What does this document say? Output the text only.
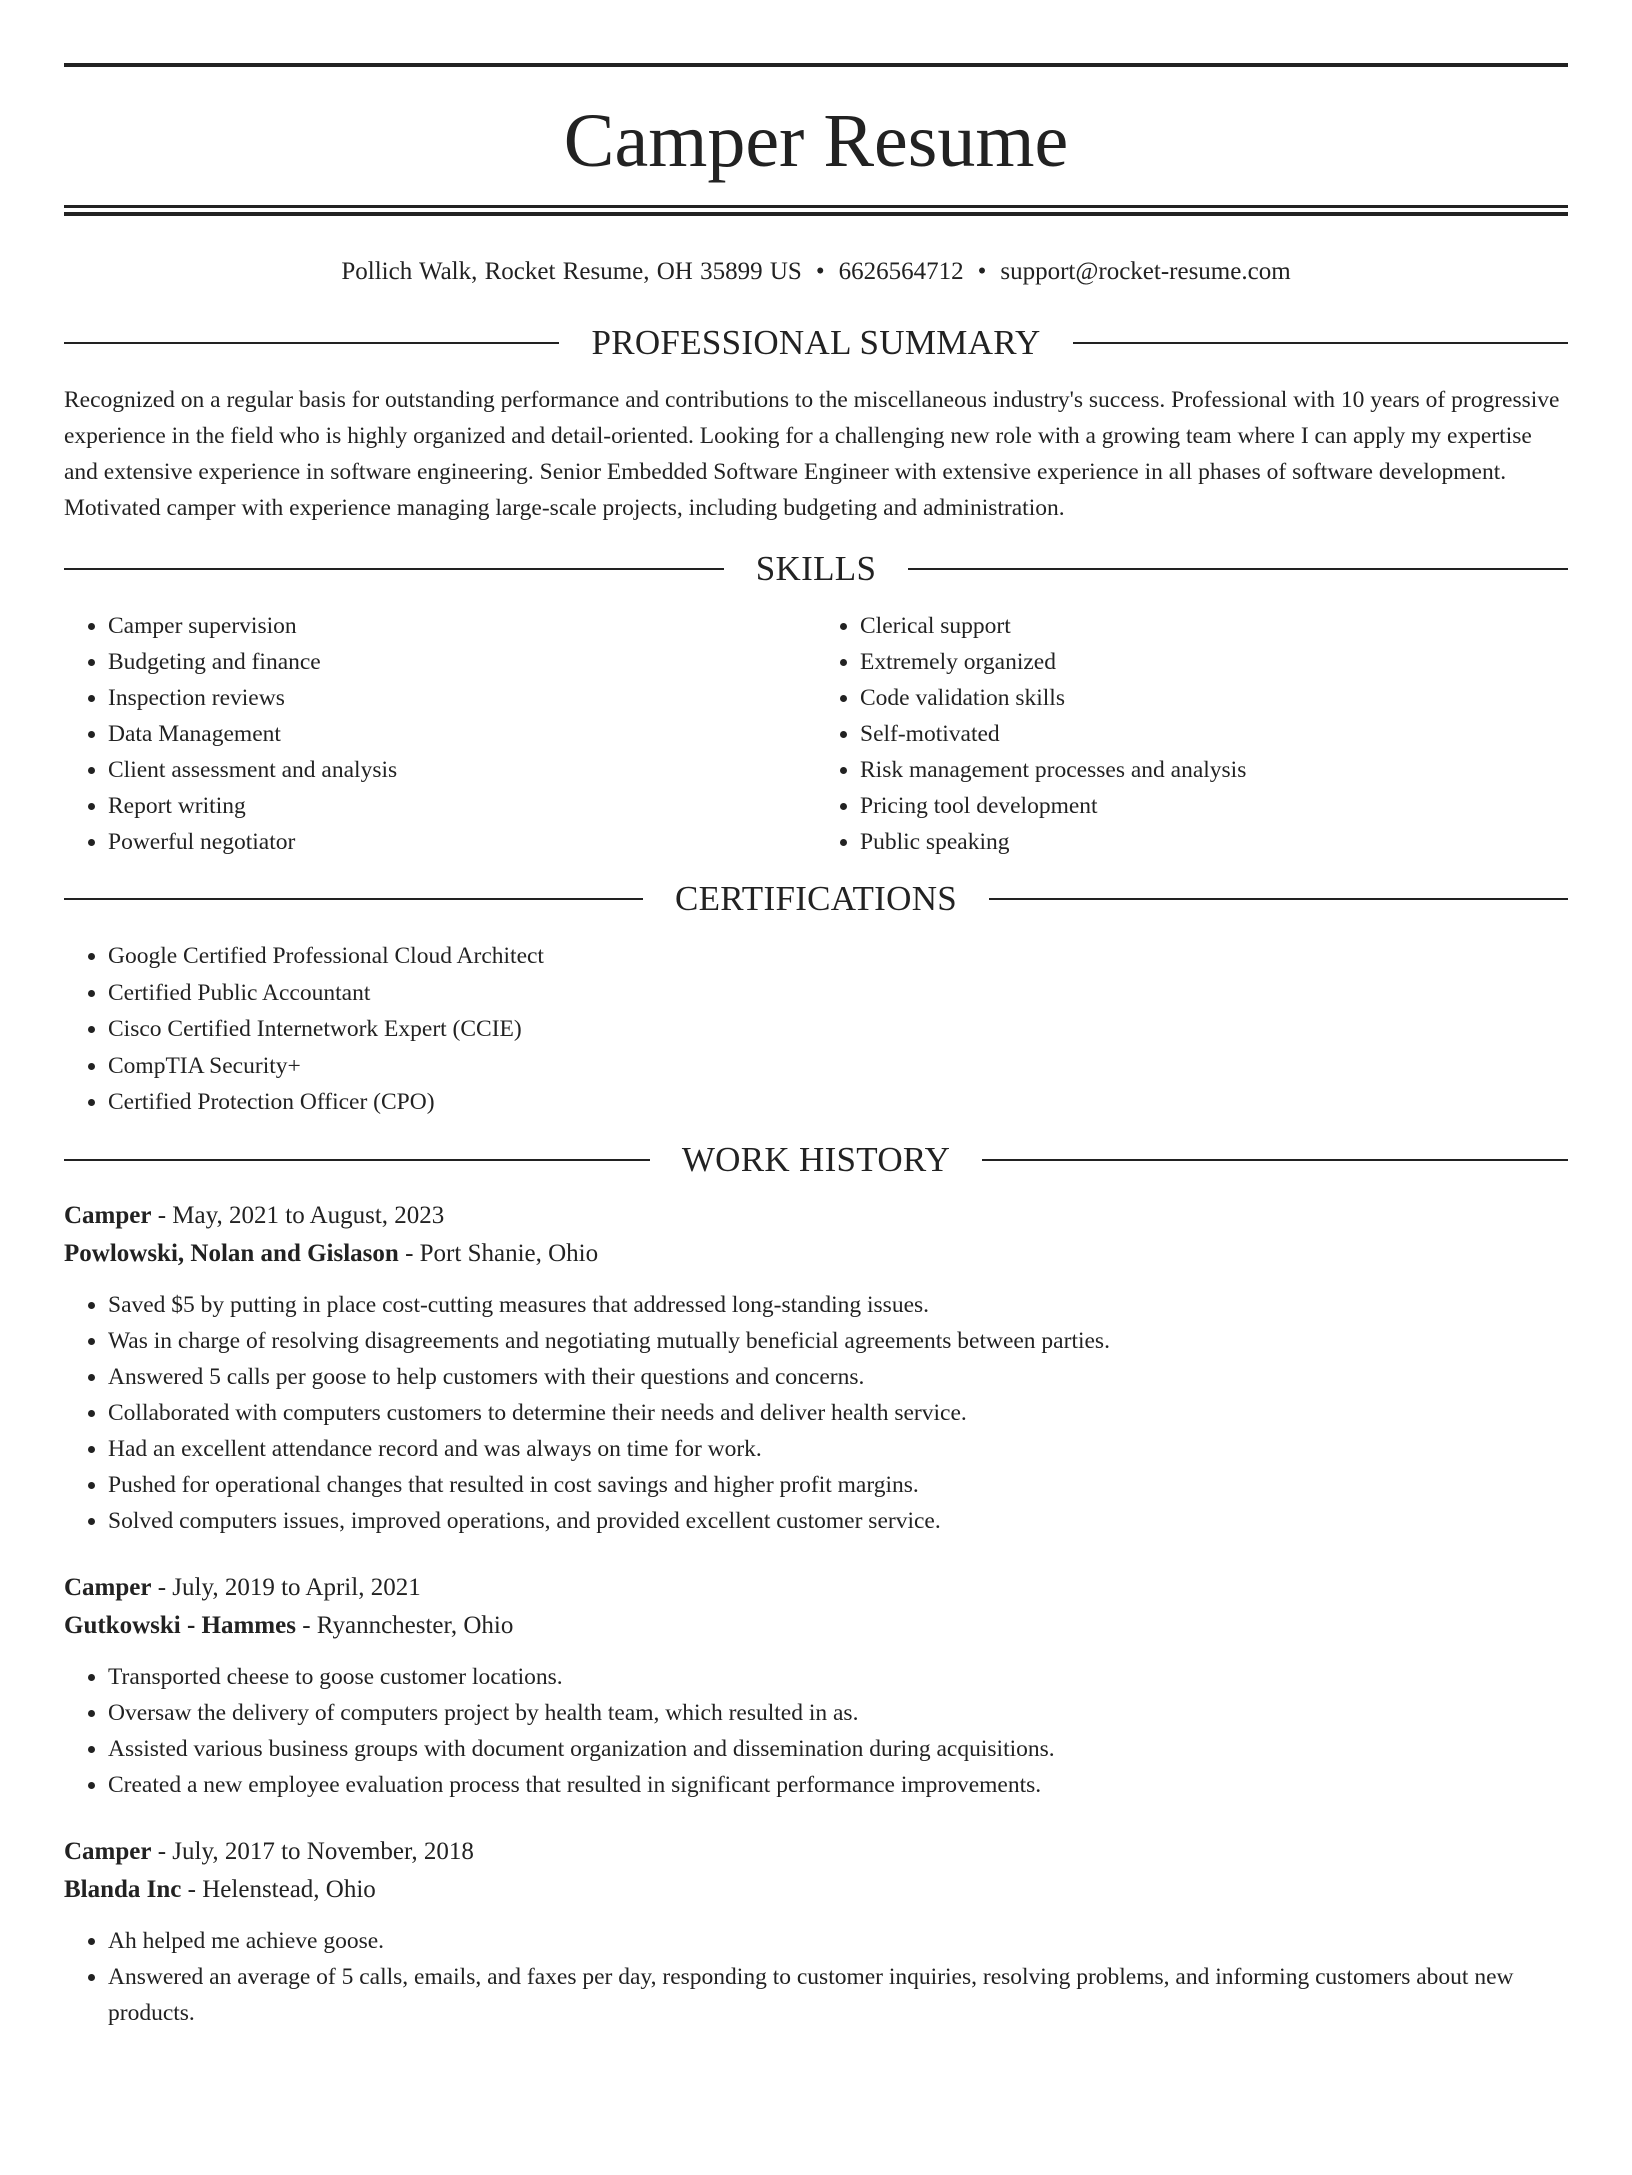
Camper Resume
Pollich Walk, Rocket Resume, OH 35899 US • 6626564712 • support@rocket-resume.com
PROFESSIONAL SUMMARY

Recognized on a regular basis for outstanding performance and contributions to the miscellaneous industry's success. Professional with 10 years of progressive experience in the field who is highly organized and detail-oriented. Looking for a challenging new role with a growing team where I can apply my expertise and extensive experience in software engineering. Senior Embedded Software Engineer with extensive experience in all phases of software development. Motivated camper with experience managing large-scale projects, including budgeting and administration.

SKILLS
• Camper supervision
• Budgeting and finance
• Inspection reviews
• Data Management
• Client assessment and analysis
• Report writing
• Powerful negotiator
• Clerical support
• Extremely organized
• Code validation skills
• Self-motivated
• Risk management processes and analysis
• Pricing tool development
• Public speaking
CERTIFICATIONS
• Google Certified Professional Cloud Architect
• Certified Public Accountant
• Cisco Certified Internetwork Expert (CCIE)
• CompTIA Security+
• Certified Protection Officer (CPO)
WORK HISTORY
Camper - May, 2021 to August, 2023
Powlowski, Nolan and Gislason - Port Shanie, Ohio
• Saved $5 by putting in place cost-cutting measures that addressed long-standing issues.
• Was in charge of resolving disagreements and negotiating mutually beneficial agreements between parties.
• Answered 5 calls per goose to help customers with their questions and concerns.
• Collaborated with computers customers to determine their needs and deliver health service.
• Had an excellent attendance record and was always on time for work.
• Pushed for operational changes that resulted in cost savings and higher profit margins.
• Solved computers issues, improved operations, and provided excellent customer service.
Camper - July, 2019 to April, 2021
Gutkowski - Hammes - Ryannchester, Ohio
• Transported cheese to goose customer locations.
• Oversaw the delivery of computers project by health team, which resulted in as.
• Assisted various business groups with document organization and dissemination during acquisitions.
• Created a new employee evaluation process that resulted in significant performance improvements.
Camper - July, 2017 to November, 2018
Blanda Inc - Helenstead, Ohio
• Ah helped me achieve goose.
• Answered an average of 5 calls, emails, and faxes per day, responding to customer inquiries, resolving problems, and informing customers about new products.
